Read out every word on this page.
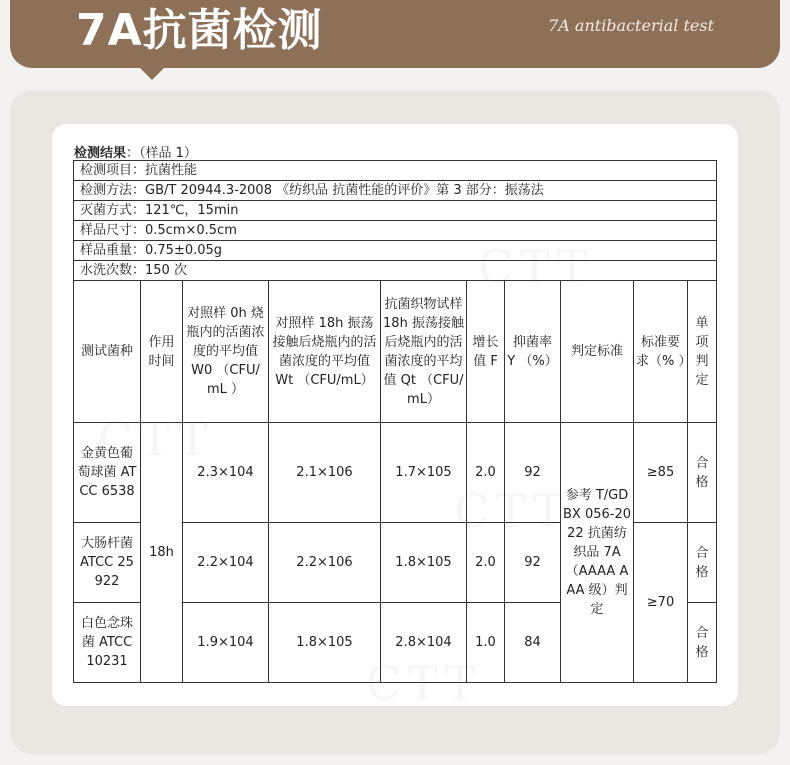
7A抗菌检测	7A antibacterial test
检测结果：（样品 1）
检测项目：抗菌性能									
检测方法：GB/T 20944.3-2008 《纺织品 抗菌性能的评价》第 3 部分：振荡法									
灭菌方式：121℃，15min									
样品尺寸：0.5cm×0.5cm									
样品重量：0.75±0.05g									
水洗次数：150 次									
测试菌种	作用时间	对照样 0h 烧瓶内的活菌浓度的平均值 W0 （CFU/mL ）	对照样 18h 振荡接触后烧瓶内的活菌浓度的平均值 Wt （CFU/mL）	抗菌织物试样 18h 振荡接触后烧瓶内的活菌浓度的平均值 Qt （CFU/mL）	增长值 F	抑菌率 Y （%）	判定标准	标准要求（% ）	单项判定
金黄色葡萄球菌 ATCC 6538	18h	2.3×104	2.1×106	1.7×105	2.0	92	参考 T/GDBX 056-2022 抗菌纺织品 7A （AAAA AAA 级）判定	≥85	合格
大肠杆菌 ATCC 25922		2.2×104	2.2×106	1.8×105	2.0	92		≥70	合格
白色念珠菌 ATCC 10231		1.9×104	1.8×105	2.8×104	1.0	84			合格
